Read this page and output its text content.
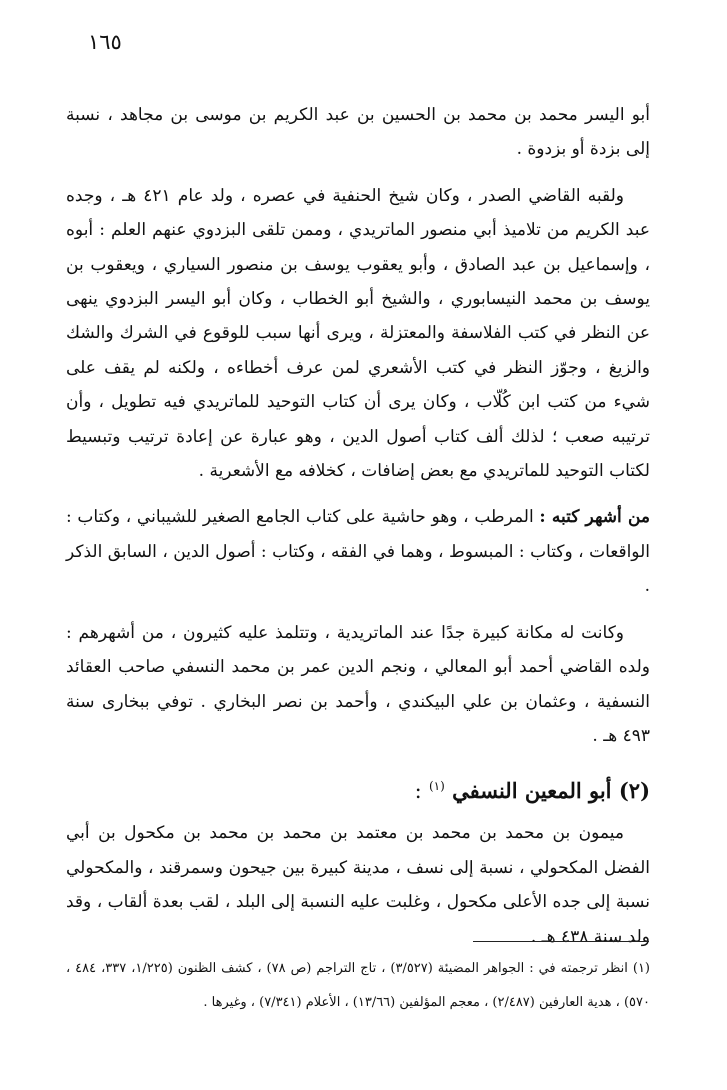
١٦٥

أبو اليسر محمد بن محمد بن الحسين بن عبد الكريم بن موسى بن مجاهد ، نسبة إلى بزدة أو بزدوة .

ولقبه القاضي الصدر ، وكان شيخ الحنفية في عصره ، ولد عام ٤٢١ هـ ، وجده عبد الكريم من تلاميذ أبي منصور الماتريدي ، وممن تلقى البزدوي عنهم العلم : أبوه ، وإسماعيل بن عبد الصادق ، وأبو يعقوب يوسف بن منصور السياري ، ويعقوب بن يوسف بن محمد النيسابوري ، والشيخ أبو الخطاب ، وكان أبو اليسر البزدوي ينهى عن النظر في كتب الفلاسفة والمعتزلة ، ويرى أنها سبب للوقوع في الشرك والشك والزيغ ، وجوّز النظر في كتب الأشعري لمن عرف أخطاءه ، ولكنه لم يقف على شيء من كتب ابن كُلّاب ، وكان يرى أن كتاب التوحيد للماتريدي فيه تطويل ، وأن ترتيبه صعب ؛ لذلك ألف كتاب أصول الدين ، وهو عبارة عن إعادة ترتيب وتبسيط لكتاب التوحيد للماتريدي مع بعض إضافات ، كخلافه مع الأشعرية .

من أشهر كتبه : المرطب ، وهو حاشية على كتاب الجامع الصغير للشيباني ، وكتاب : الواقعات ، وكتاب : المبسوط ، وهما في الفقه ، وكتاب : أصول الدين ، السابق الذكر .

وكانت له مكانة كبيرة جدًا عند الماتريدية ، وتتلمذ عليه كثيرون ، من أشهرهم : ولده القاضي أحمد أبو المعالي ، ونجم الدين عمر بن محمد النسفي صاحب العقائد النسفية ، وعثمان بن علي البيكندي ، وأحمد بن نصر البخاري . توفي ببخارى سنة ٤٩٣ هـ .

(٢) أبو المعين النسفي $^{(١)}$ :

ميمون بن محمد بن محمد بن معتمد بن محمد بن محمد بن مكحول بن أبي الفضل المكحولي ، نسبة إلى نسف ، مدينة كبيرة بين جيحون وسمرقند ، والمكحولي نسبة إلى جده الأعلى مكحول ، وغلبت عليه النسبة إلى البلد ، لقب بعدة ألقاب ، وقد ولد سنة ٤٣٨ هـ .

(١) انظر ترجمته في : الجواهر المضيئة (٣/٥٢٧) ، تاج التراجم (ص ٧٨) ، كشف الظنون (١/٢٢٥، ٣٣٧، ٤٨٤ ، ٥٧٠) ، هدية العارفين (٢/٤٨٧) ، معجم المؤلفين (١٣/٦٦) ، الأعلام (٧/٣٤١) ، وغيرها .
